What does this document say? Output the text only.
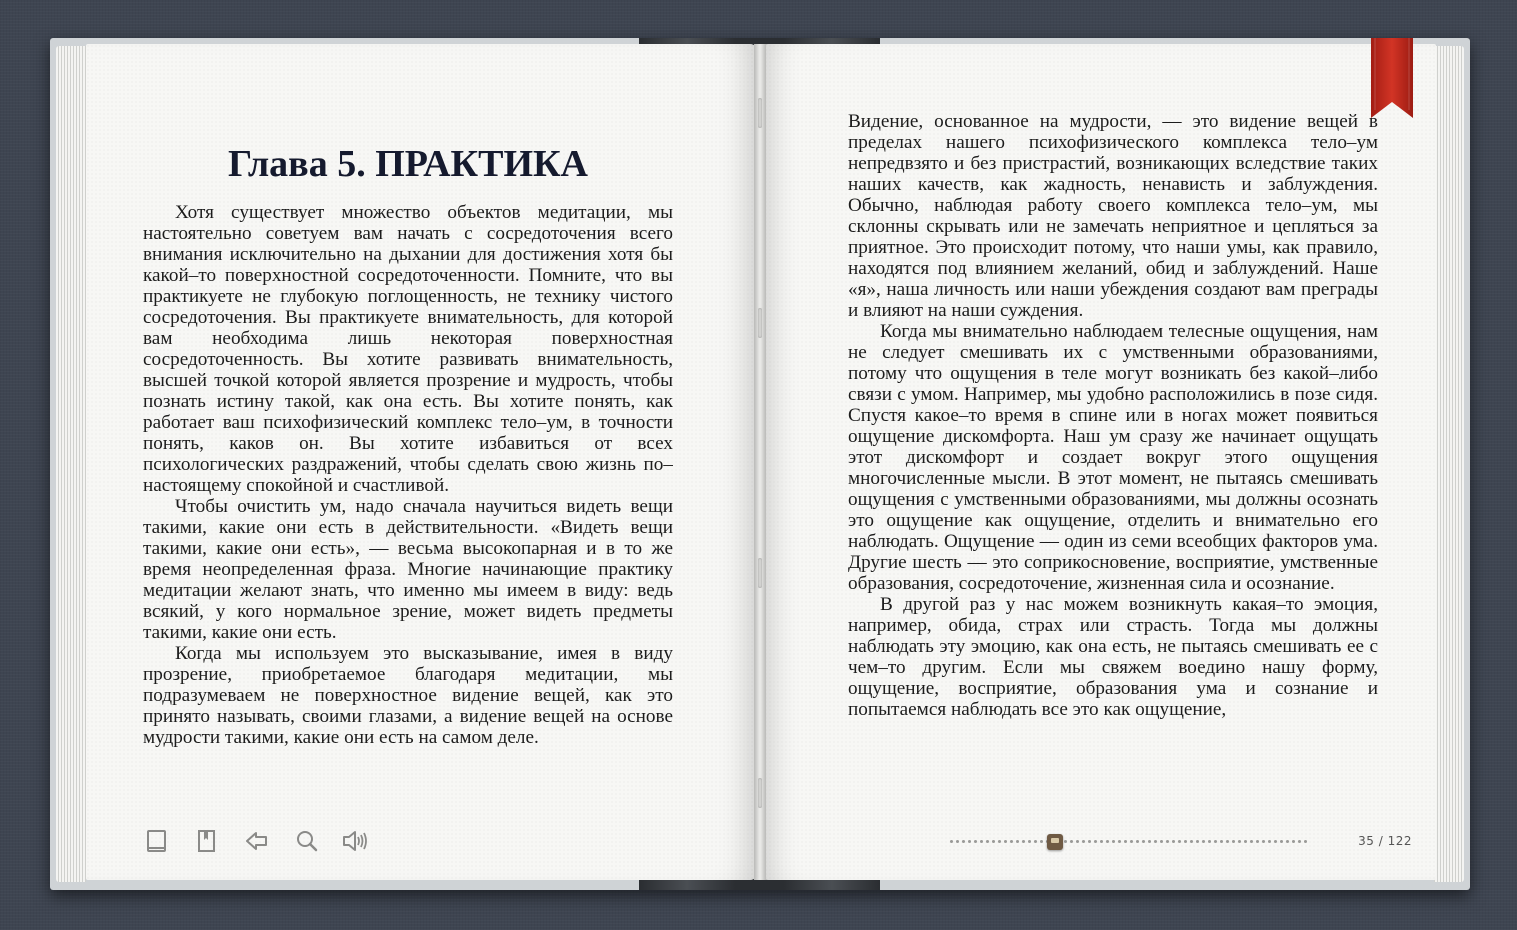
Глава 5. ПРАКТИКА

Хотя существует множество объектов медитации, мы настоятельно советуем вам начать с сосредоточения всего внимания исключительно на дыхании для достижения хотя бы какой–то поверхностной сосредоточенности. Помните, что вы практикуете не глубокую поглощенность, не технику чистого сосредоточения. Вы практикуете внимательность, для которой вам необходима лишь некоторая поверхностная сосредоточенность. Вы хотите развивать внимательность, высшей точкой которой является прозрение и мудрость, чтобы познать истину такой, как она есть. Вы хотите понять, как работает ваш психофизический комплекс тело–ум, в точности понять, каков он. Вы хотите избавиться от всех психологических раздражений, чтобы сделать свою жизнь по–настоящему спокойной и счастливой.

Чтобы очистить ум, надо сначала научиться видеть вещи такими, какие они есть в действительности. «Видеть вещи такими, какие они есть», — весьма высокопарная и в то же время неопределенная фраза. Многие начинающие практику медитации желают знать, что именно мы имеем в виду: ведь всякий, у кого нормальное зрение, может видеть предметы такими, какие они есть.

Когда мы используем это высказывание, имея в виду прозрение, приобретаемое благодаря медитации, мы подразумеваем не поверхностное видение вещей, как это принято называть, своими глазами, а видение вещей на основе мудрости такими, какие они есть на самом деле.

Видение, основанное на мудрости, — это видение вещей в пределах нашего психофизического комплекса тело–ум непредвзято и без пристрастий, возникающих вследствие таких наших качеств, как жадность, ненависть и заблуждения. Обычно, наблюдая работу своего комплекса тело–ум, мы склонны скрывать или не замечать неприятное и цепляться за приятное. Это происходит потому, что наши умы, как правило, находятся под влиянием желаний, обид и заблуждений. Наше «я», наша личность или наши убеждения создают вам преграды и влияют на наши суждения.

Когда мы внимательно наблюдаем телесные ощущения, нам не следует смешивать их с умственными образованиями, потому что ощущения в теле могут возникать без какой–либо связи с умом. Например, мы удобно расположились в позе сидя. Спустя какое–то время в спине или в ногах может появиться ощущение дискомфорта. Наш ум сразу же начинает ощущать этот дискомфорт и создает вокруг этого ощущения многочисленные мысли. В этот момент, не пытаясь смешивать ощущения с умственными образованиями, мы должны осознать это ощущение как ощущение, отделить и внимательно его наблюдать. Ощущение — один из семи всеобщих факторов ума. Другие шесть — это соприкосновение, восприятие, умственные образования, сосредоточение, жизненная сила и осознание.

В другой раз у нас можем возникнуть какая–то эмоция, например, обида, страх или страсть. Тогда мы должны наблюдать эту эмоцию, как она есть, не пытаясь смешивать ее с чем–то другим. Если мы свяжем воедино нашу форму, ощущение, восприятие, образования ума и сознание и попытаемся наблюдать все это как ощущение,

35 / 122
